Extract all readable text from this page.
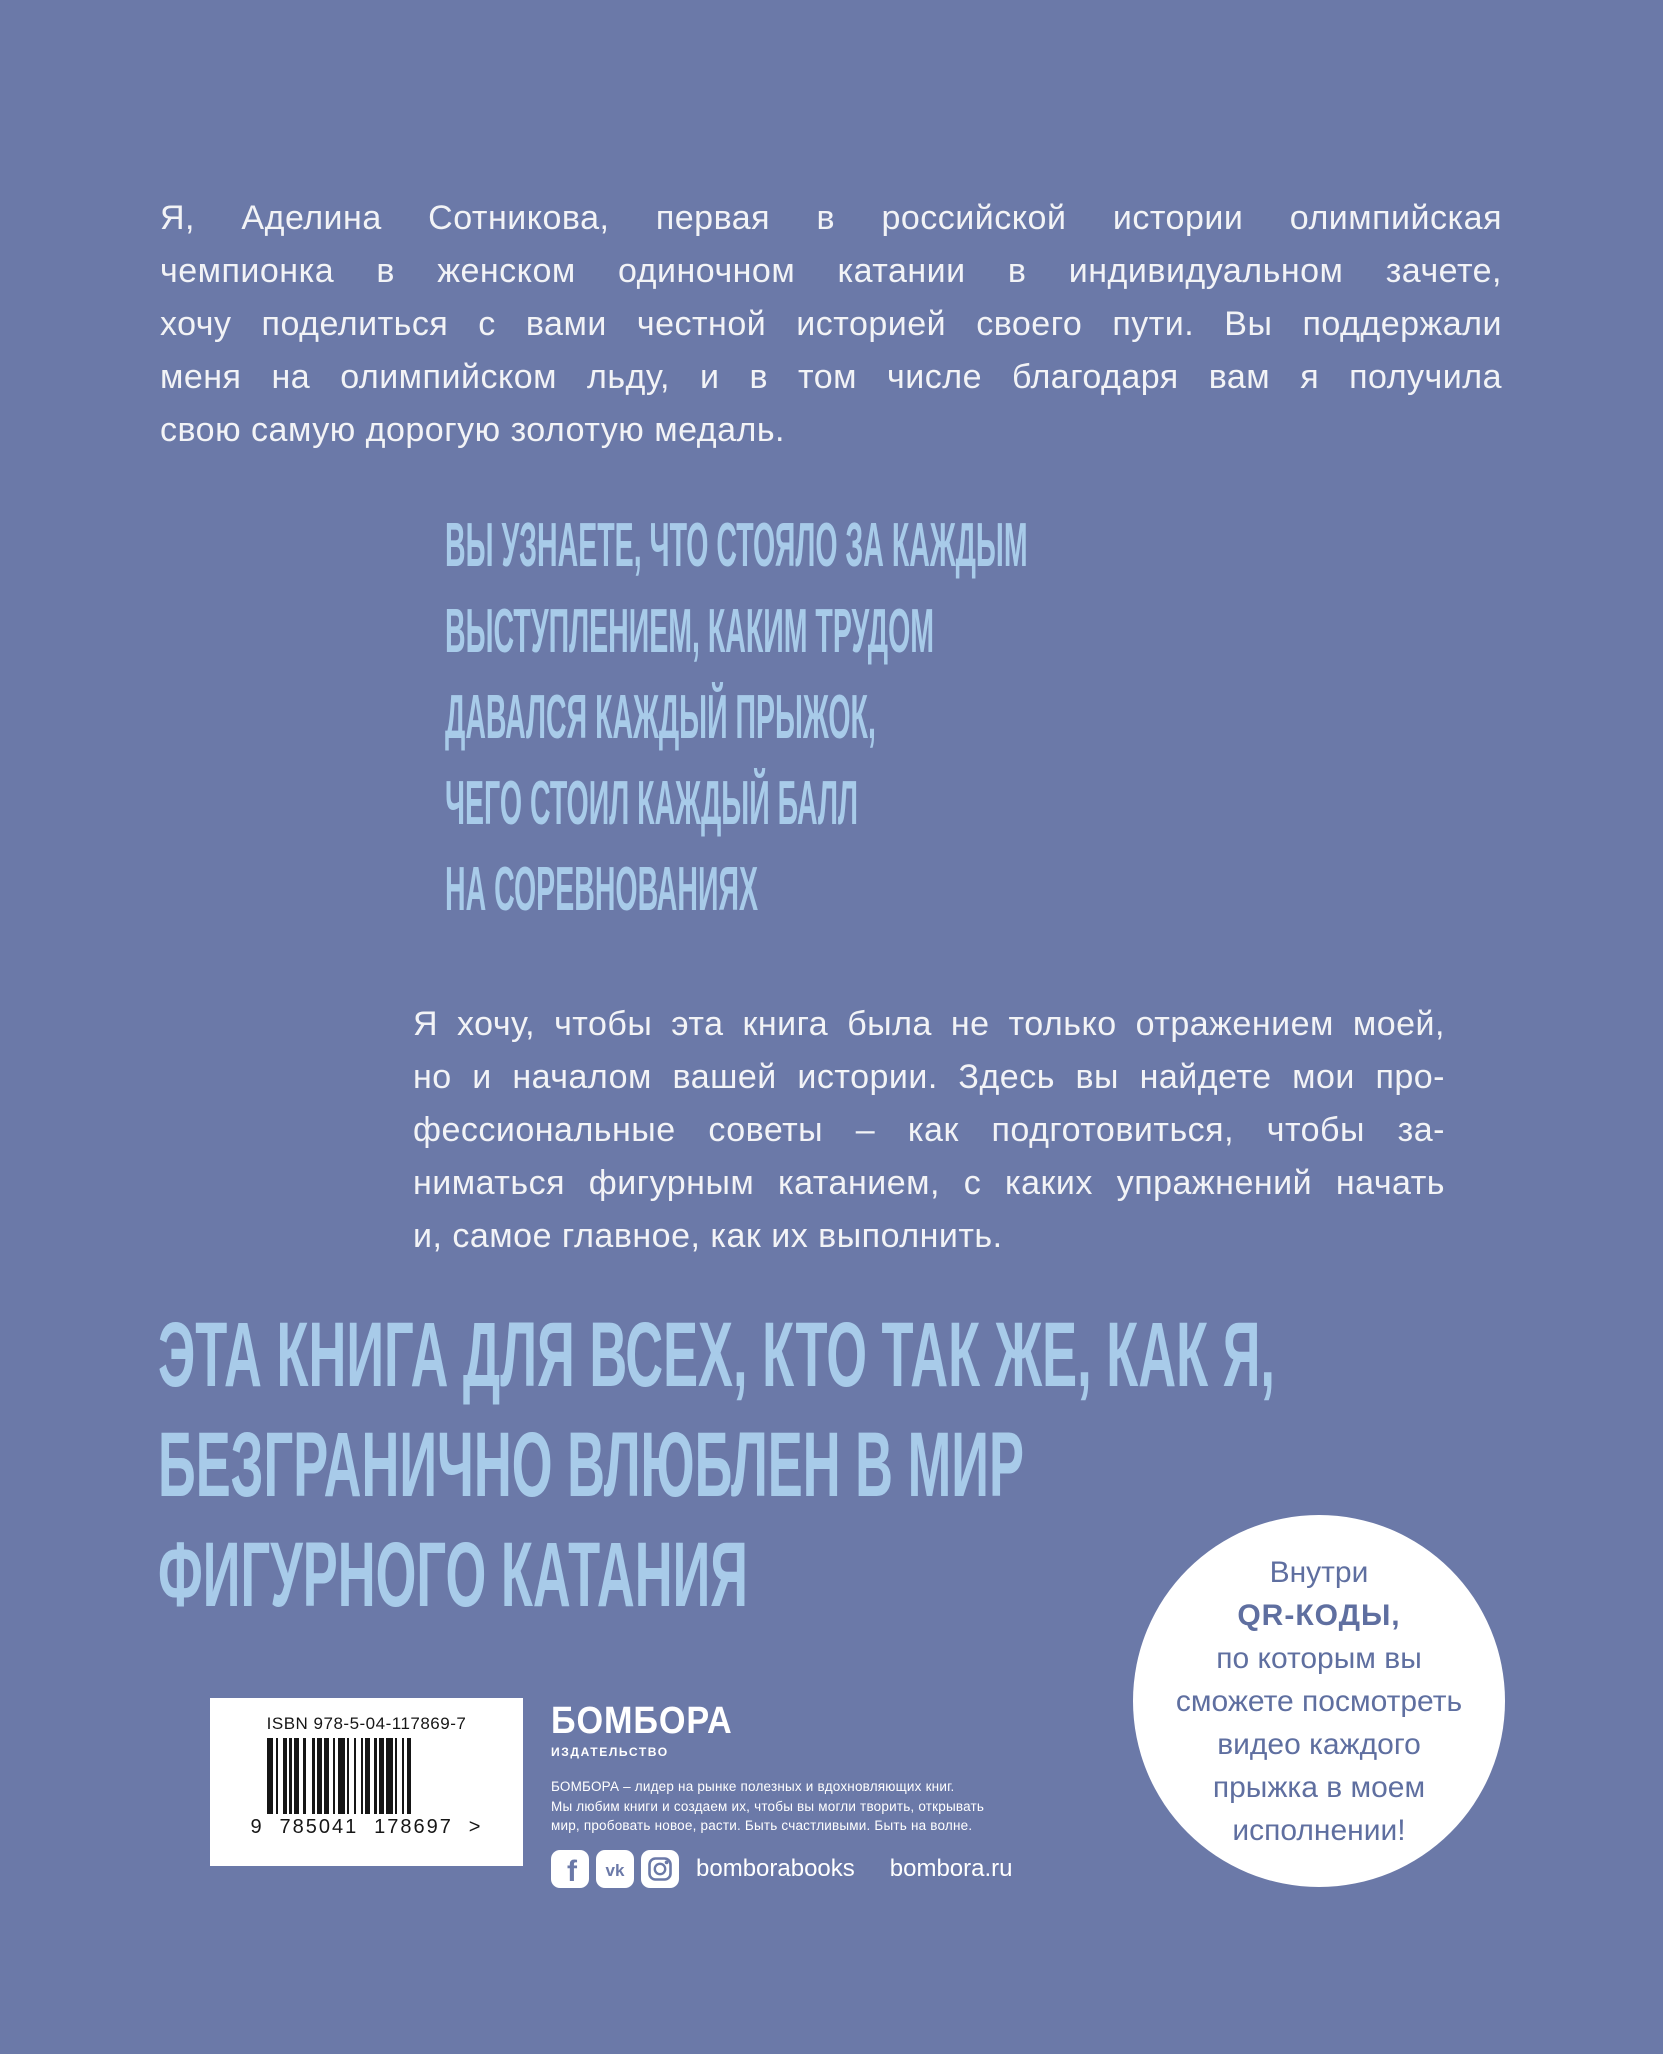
Я, Аделина Сотникова, первая в российской истории олимпийская
чемпионка в женском одиночном катании в индивидуальном зачете,
хочу поделиться с вами честной историей своего пути. Вы поддержали
меня на олимпийском льду, и в том числе благодаря вам я получила
свою самую дорогую золотую медаль.
ВЫ УЗНАЕТЕ, ЧТО СТОЯЛО ЗА КАЖДЫМ
ВЫСТУПЛЕНИЕМ, КАКИМ ТРУДОМ
ДАВАЛСЯ КАЖДЫЙ ПРЫЖОК,
ЧЕГО СТОИЛ КАЖДЫЙ БАЛЛ
НА СОРЕВНОВАНИЯХ
Я хочу, чтобы эта книга была не только отражением моей,
но и началом вашей истории. Здесь вы найдете мои про-
фессиональные советы – как подготовиться, чтобы за-
ниматься фигурным катанием, с каких упражнений начать
и, самое главное, как их выполнить.
ЭТА КНИГА ДЛЯ ВСЕХ, КТО ТАК ЖЕ, КАК Я,
БЕЗГРАНИЧНО ВЛЮБЛЕН В МИР
ФИГУРНОГО КАТАНИЯ	Внутри
QR-КОДЫ,
по которым вы
сможете посмотреть
видео каждого
прыжка в моем
исполнении!
ISBN 978-5-04-117869-7
9 785041 178697 >
БОМБОРА
ИЗДАТЕЛЬСТВО
БОМБОРА – лидер на рынке полезных и вдохновляющих книг.
Мы любим книги и создаем их, чтобы вы могли творить, открывать
мир, пробовать новое, расти. Быть счастливыми. Быть на волне.
f vk	bomborabooks bombora.ru
